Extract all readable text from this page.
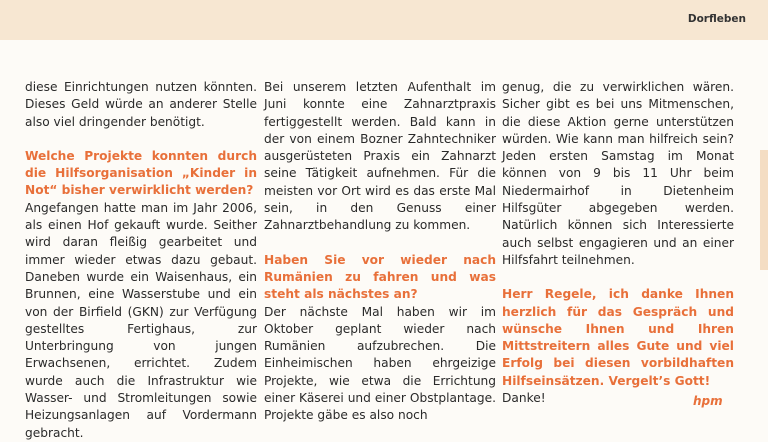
Dorfleben

diese Einrichtungen nutzen könnten. Dieses Geld würde an anderer Stelle also viel dringender benötigt.

Welche Projekte konnten durch die Hilfsorganisation „Kinder in Not“ bisher verwirklicht werden?

Angefangen hatte man im Jahr 2006, als einen Hof gekauft wurde. Seither wird daran fleißig gearbeitet und immer wieder etwas dazu gebaut. Daneben wurde ein Waisenhaus, ein Brunnen, eine Wasserstube und ein von der Birfield (GKN) zur Verfügung gestelltes Fertighaus, zur Unterbringung von jungen Erwachsenen, errichtet. Zudem wurde auch die Infrastruktur wie Wasser- und Stromleitungen sowie Heizungsanlagen auf Vordermann gebracht.

Bei unserem letzten Aufenthalt im Juni konnte eine Zahnarztpraxis fertiggestellt werden. Bald kann in der von einem Bozner Zahntechniker ausgerüsteten Praxis ein Zahnarzt seine Tätigkeit aufnehmen. Für die meisten vor Ort wird es das erste Mal sein, in den Genuss einer Zahnarztbehandlung zu kommen.

Haben Sie vor wieder nach Rumänien zu fahren und was steht als nächstes an?

Der nächste Mal haben wir im Oktober geplant wieder nach Rumänien aufzubrechen. Die Einheimischen haben ehrgeizige Projekte, wie etwa die Errichtung einer Käserei und einer Obstplantage. Projekte gäbe es also noch

genug, die zu verwirklichen wären. Sicher gibt es bei uns Mitmenschen, die diese Aktion gerne unterstützen würden. Wie kann man hilfreich sein? Jeden ersten Samstag im Monat können von 9 bis 11 Uhr beim Niedermairhof in Dietenheim Hilfsgüter abgegeben werden. Natürlich können sich Interessierte auch selbst engagieren und an einer Hilfsfahrt teilnehmen.

Herr Regele, ich danke Ihnen herzlich für das Gespräch und wünsche Ihnen und Ihren Mittstreitern alles Gute und viel Erfolg bei diesen vorbildhaften Hilfseinsätzen. Vergelt’s Gott!

Danke!	hpm
